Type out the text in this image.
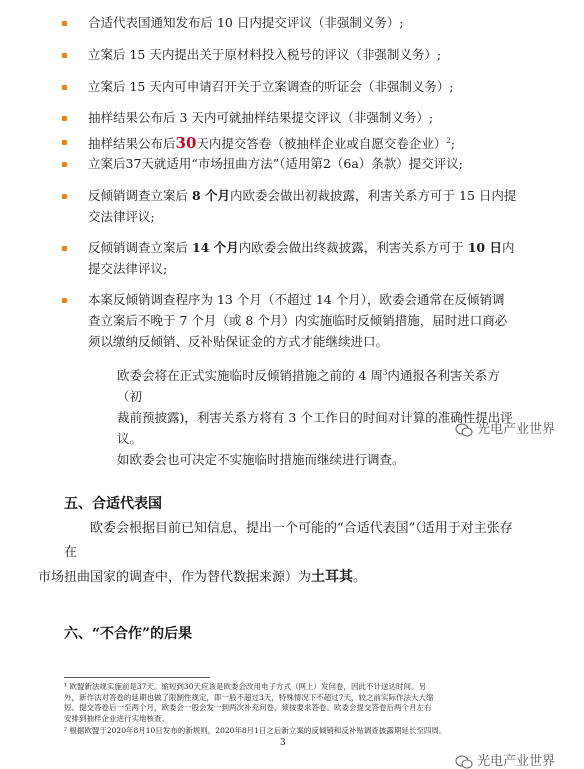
合适代表国通知发布后 10 日内提交评议（非强制义务）;
立案后 15 天内提出关于原材料投入税号的评议（非强制义务）;
立案后 15 天内可申请召开关于立案调查的听证会（非强制义务）;
抽样结果公布后 3 天内可就抽样结果提交评议（非强制义务）;
抽样结果公布后30天内提交答卷（被抽样企业或自愿交卷企业）$^2$;
立案后37天就适用“市场扭曲方法”（适用第2（6a）条款）提交评议;
反倾销调查立案后 8 个月内欧委会做出初裁披露，利害关系方可于 15 日内提
交法律评议;
反倾销调查立案后 14 个月内欧委会做出终裁披露，利害关系方可于 10 日内
提交法律评议;
本案反倾销调查程序为 13 个月（不超过 14 个月），欧委会通常在反倾销调
查立案后不晚于 7 个月（或 8 个月）内实施临时反倾销措施，届时进口商必
须以缴纳反倾销、反补贴保证金的方式才能继续进口。
欧委会将在正式实施临时反倾销措施之前的 4 周$^3$内通报各利害关系方（初
裁前预披露)，利害关系方将有 3 个工作日的时间对计算的准确性提出评议。
如欧委会也可决定不实施临时措施而继续进行调查。
光电产业世界
五、合适代表国
欧委会根据目前已知信息，提出一个可能的“合适代表国”（适用于对主张存在
市场扭曲国家的调查中，作为替代数据来源）为土耳其。
六、“不合作”的后果
¹ 欧盟新法规实施前是37天。缩短到30天应该是欧委会改用电子方式（网上）发问卷，因此不计送达时间。另
外，新作法对答卷的延期也做了限制性规定，即一般不超过3天，特殊情况下不超过7天，较之前实际作法大大缩
短。提交答卷后一至两个月，欧委会一般会发一到两次补充问卷，须按要求答卷。欧委会提交答卷后两个月左右
安排到抽样企业进行实地核查。
² 根据欧盟于2020年8月10日发布的新规则，2020年8月1日之后新立案的反倾销和反补贴调查披露期延长至四周。
3
光电产业世界
